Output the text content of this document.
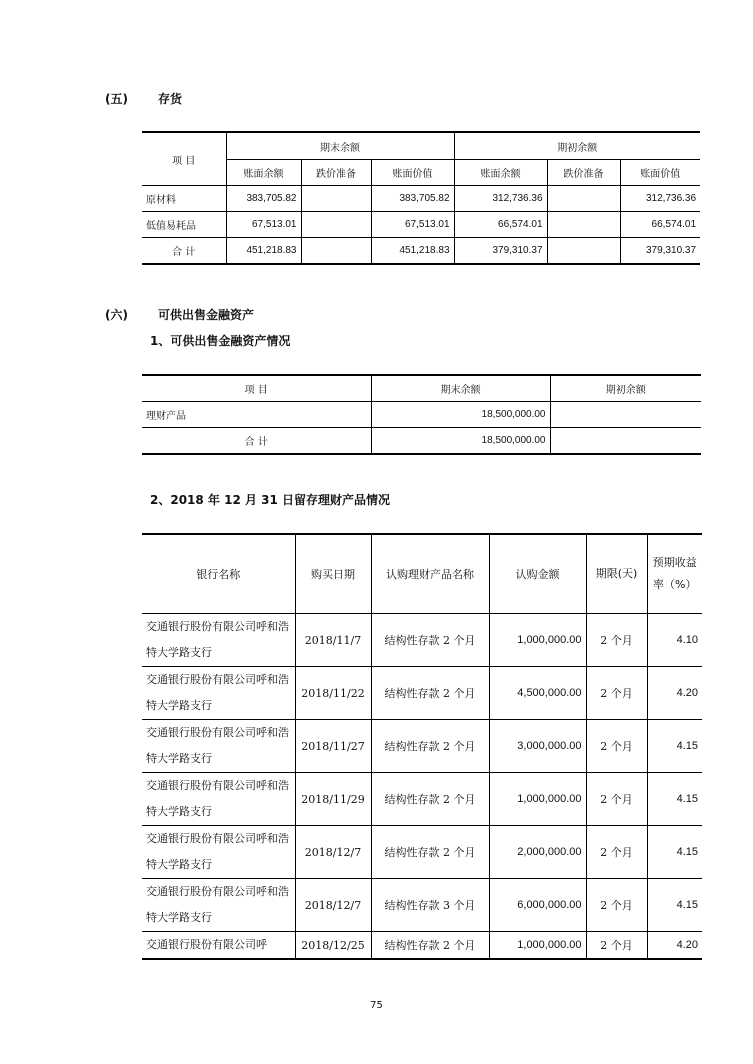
(五)	存货
项 目	期末余额			期初余额		
	账面余额	跌价准备	账面价值	账面余额	跌价准备	账面价值
原材料	383,705.82		383,705.82	312,736.36		312,736.36
低值易耗品	67,513.01		67,513.01	66,574.01		66,574.01
合 计	451,218.83		451,218.83	379,310.37		379,310.37
(六)	可供出售金融资产
1、可供出售金融资产情况
项 目	期末余额	期初余额
理财产品	18,500,000.00	
合 计	18,500,000.00	
2、2018 年 12 月 31 日留存理财产品情况
银行名称	购买日期	认购理财产品名称	认购金额	期限(天)	预期收益率（%）
交通银行股份有限公司呼和浩特大学路支行	2018/11/7	结构性存款 2 个月	1,000,000.00	2 个月	4.10
交通银行股份有限公司呼和浩特大学路支行	2018/11/22	结构性存款 2 个月	4,500,000.00	2 个月	4.20
交通银行股份有限公司呼和浩特大学路支行	2018/11/27	结构性存款 2 个月	3,000,000.00	2 个月	4.15
交通银行股份有限公司呼和浩特大学路支行	2018/11/29	结构性存款 2 个月	1,000,000.00	2 个月	4.15
交通银行股份有限公司呼和浩特大学路支行	2018/12/7	结构性存款 2 个月	2,000,000.00	2 个月	4.15
交通银行股份有限公司呼和浩特大学路支行	2018/12/7	结构性存款 3 个月	6,000,000.00	2 个月	4.15
交通银行股份有限公司呼	2018/12/25	结构性存款 2 个月	1,000,000.00	2 个月	4.20
75
